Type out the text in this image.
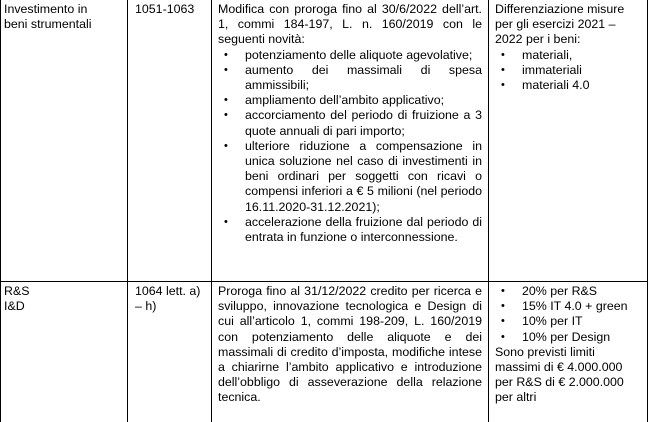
Investimento in

beni strumentali

1051-1063	Modifica con proroga fino al 30/6/2022 dell’art. 1, commi 184-197, L. n. 160/2019 con le seguenti novità:

• potenziamento delle aliquote agevolative;
• aumento dei massimali di spesa ammissibili;
• ampliamento dell’ambito applicativo;
• accorciamento del periodo di fruizione a 3 quote annuali di pari importo;
• ulteriore riduzione a compensazione in unica soluzione nel caso di investimenti in beni ordinari per soggetti con ricavi o compensi inferiori a € 5 milioni (nel periodo 16.11.2020-31.12.2021);
• accelerazione della fruizione dal periodo di entrata in funzione o interconnessione.

Differenziazione misure per gli esercizi 2021 – 2022 per i beni:

• materiali,
• immateriali
• materiali 4.0

R&S

I&D

1064 lett. a) – h)

Proroga fino al 31/12/2022 credito per ricerca e sviluppo, innovazione tecnologica e Design di cui all’articolo 1, commi 198-209, L. 160/2019 con potenziamento delle aliquote e dei massimali di credito d’imposta, modifiche intese a chiarirne l’ambito applicativo e introduzione dell’obbligo di asseverazione della relazione tecnica.

• 20% per R&S
• 15% IT 4.0 + green
• 10% per IT
• 10% per Design

Sono previsti limiti massimi di € 4.000.000 per R&S di € 2.000.000 per altri
